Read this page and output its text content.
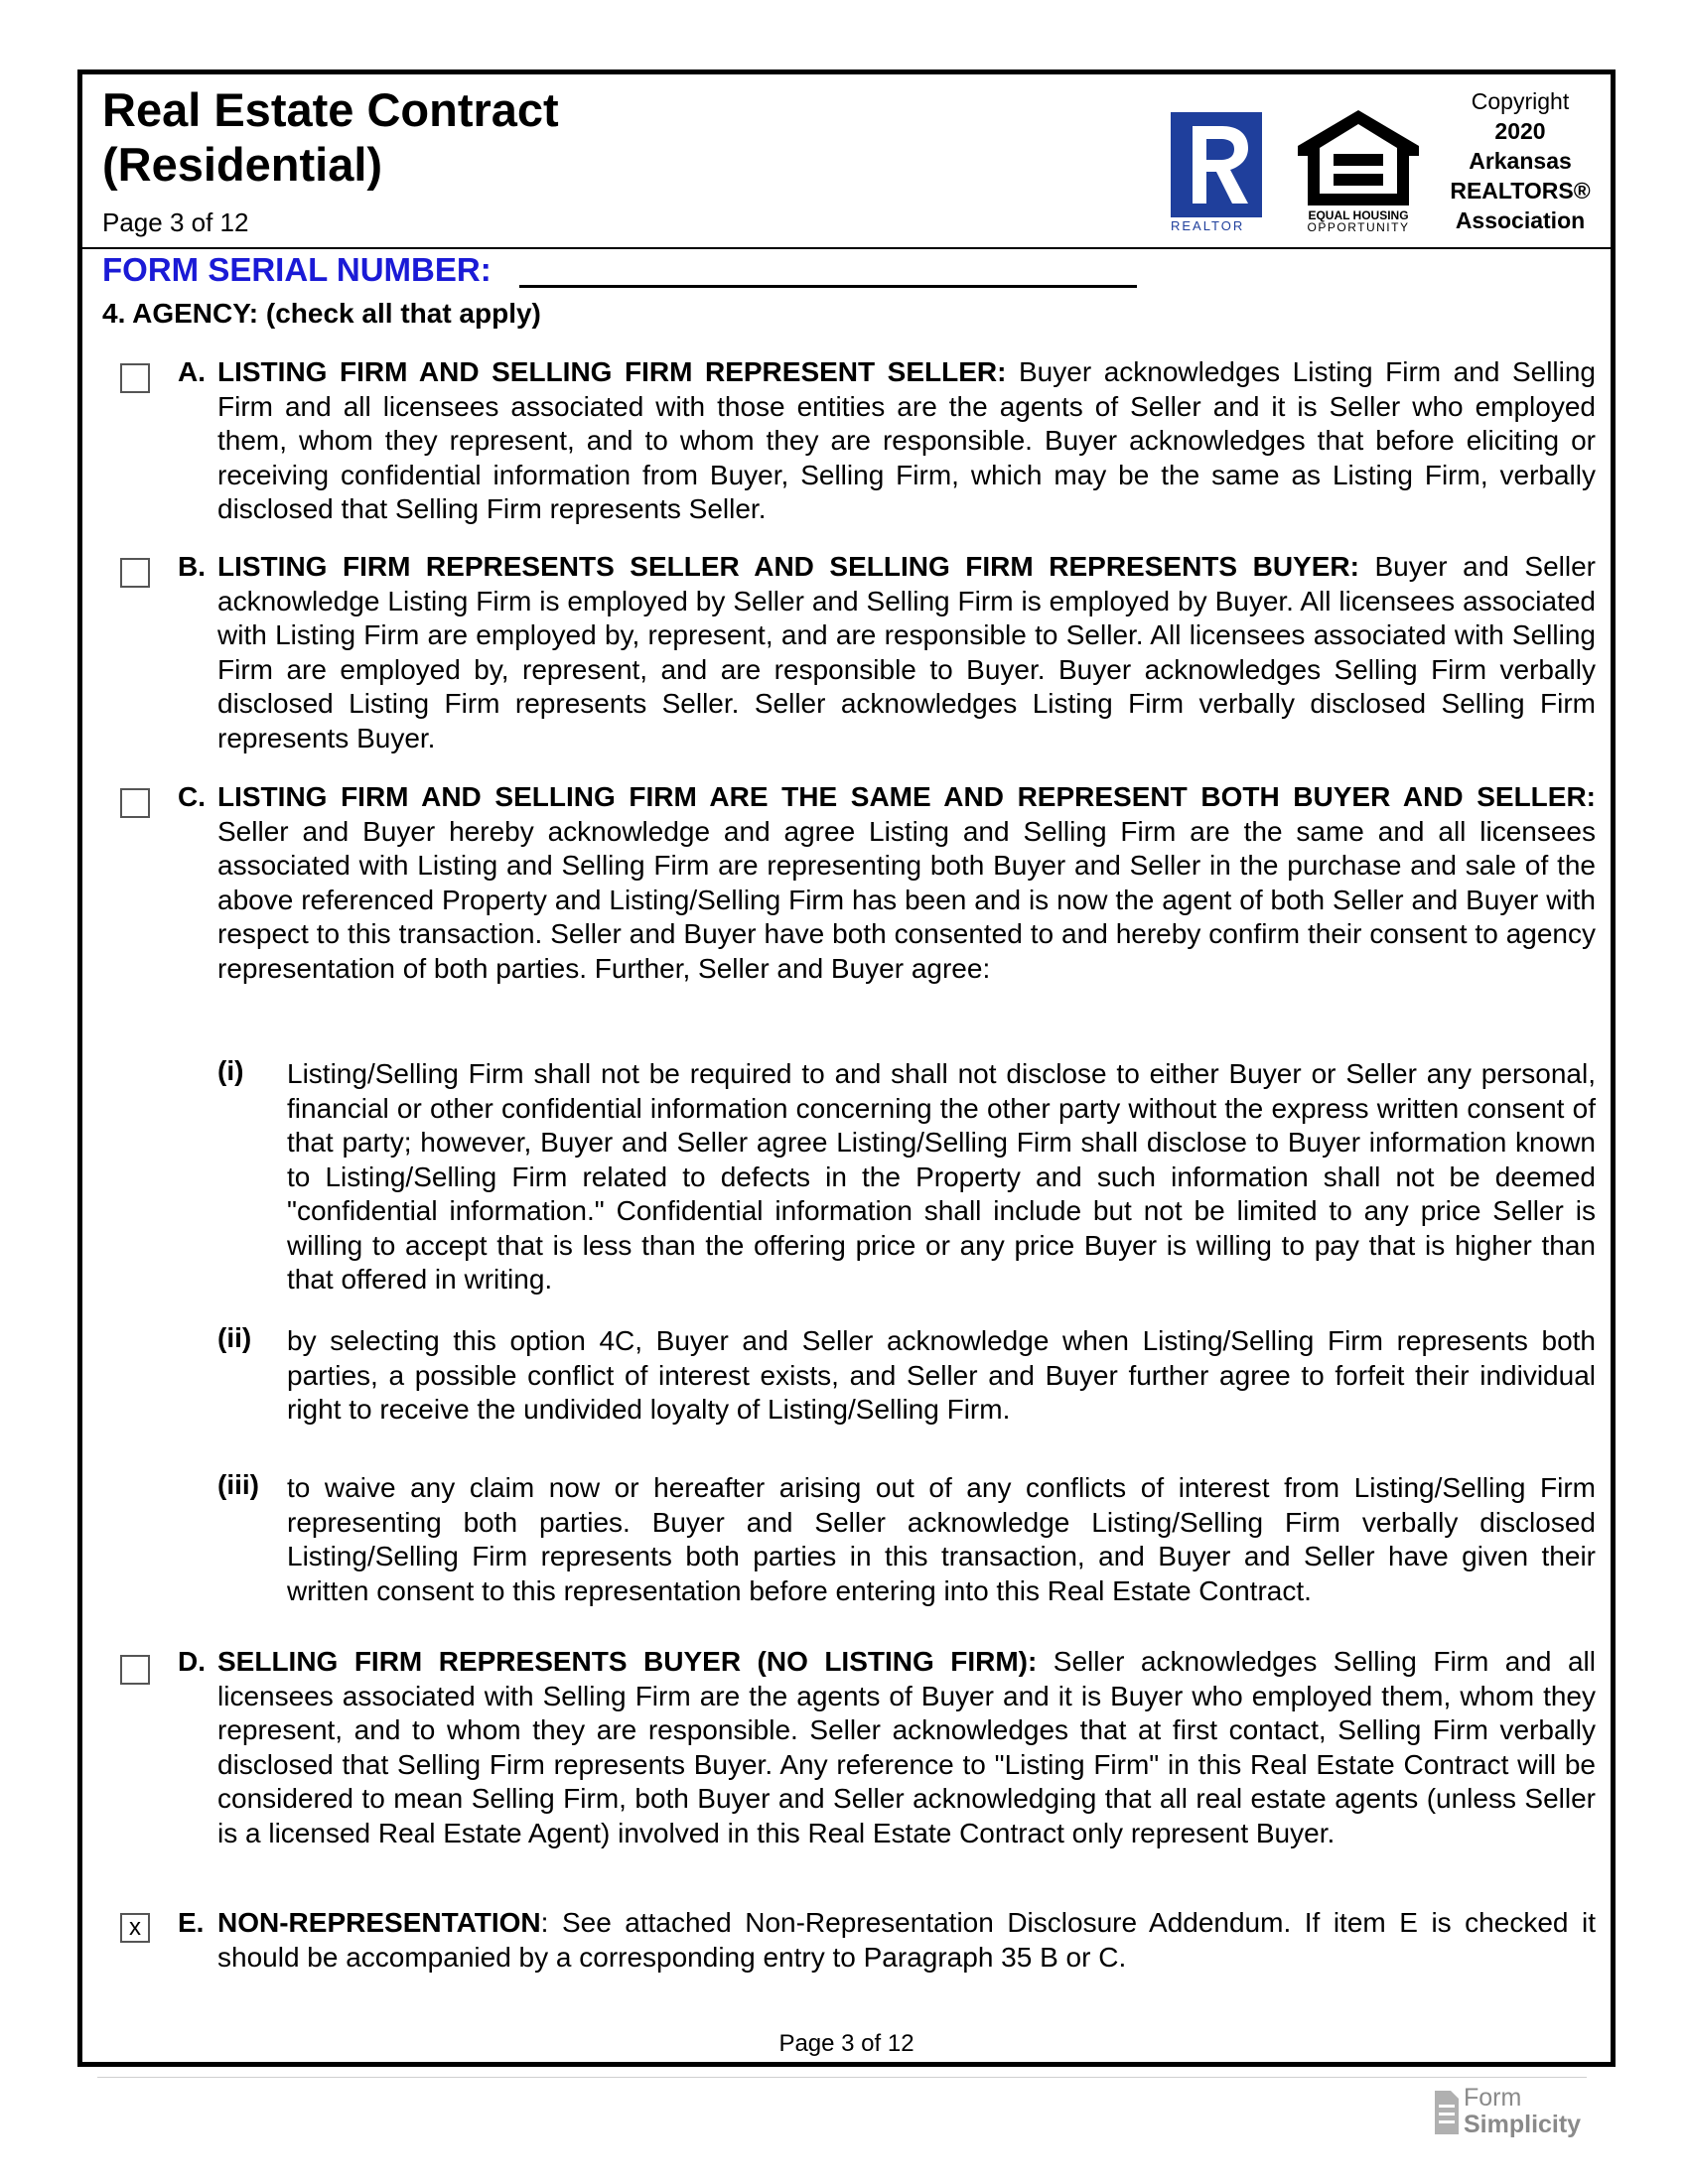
Real Estate Contract
(Residential)
Page 3 of 12	REALTOR
EQUAL HOUSING
OPPORTUNITY
Copyright
2020
Arkansas
REALTORS®
Association
FORM SERIAL NUMBER:
4. AGENCY: (check all that apply)
A. LISTING FIRM AND SELLING FIRM REPRESENT SELLER: Buyer acknowledges Listing Firm and Selling Firm and all licensees associated with those entities are the agents of Seller and it is Seller who employed them, whom they represent, and to whom they are responsible. Buyer acknowledges that before eliciting or receiving confidential information from Buyer, Selling Firm, which may be the same as Listing Firm, verbally disclosed that Selling Firm represents Seller.
B. LISTING FIRM REPRESENTS SELLER AND SELLING FIRM REPRESENTS BUYER: Buyer and Seller acknowledge Listing Firm is employed by Seller and Selling Firm is employed by Buyer. All licensees associated with Listing Firm are employed by, represent, and are responsible to Seller. All licensees associated with Selling Firm are employed by, represent, and are responsible to Buyer. Buyer acknowledges Selling Firm verbally disclosed Listing Firm represents Seller. Seller acknowledges Listing Firm verbally disclosed Selling Firm represents Buyer.
C. LISTING FIRM AND SELLING FIRM ARE THE SAME AND REPRESENT BOTH BUYER AND SELLER: Seller and Buyer hereby acknowledge and agree Listing and Selling Firm are the same and all licensees associated with Listing and Selling Firm are representing both Buyer and Seller in the purchase and sale of the above referenced Property and Listing/Selling Firm has been and is now the agent of both Seller and Buyer with respect to this transaction. Seller and Buyer have both consented to and hereby confirm their consent to agency representation of both parties. Further, Seller and Buyer agree:
(i) Listing/Selling Firm shall not be required to and shall not disclose to either Buyer or Seller any personal, financial or other confidential information concerning the other party without the express written consent of that party; however, Buyer and Seller agree Listing/Selling Firm shall disclose to Buyer information known to Listing/Selling Firm related to defects in the Property and such information shall not be deemed "confidential information." Confidential information shall include but not be limited to any price Seller is willing to accept that is less than the offering price or any price Buyer is willing to pay that is higher than that offered in writing.
(ii) by selecting this option 4C, Buyer and Seller acknowledge when Listing/Selling Firm represents both parties, a possible conflict of interest exists, and Seller and Buyer further agree to forfeit their individual right to receive the undivided loyalty of Listing/Selling Firm.
(iii) to waive any claim now or hereafter arising out of any conflicts of interest from Listing/Selling Firm representing both parties. Buyer and Seller acknowledge Listing/Selling Firm verbally disclosed Listing/Selling Firm represents both parties in this transaction, and Buyer and Seller have given their written consent to this representation before entering into this Real Estate Contract.
D. SELLING FIRM REPRESENTS BUYER (NO LISTING FIRM): Seller acknowledges Selling Firm and all licensees associated with Selling Firm are the agents of Buyer and it is Buyer who employed them, whom they represent, and to whom they are responsible. Seller acknowledges that at first contact, Selling Firm verbally disclosed that Selling Firm represents Buyer. Any reference to "Listing Firm" in this Real Estate Contract will be considered to mean Selling Firm, both Buyer and Seller acknowledging that all real estate agents (unless Seller is a licensed Real Estate Agent) involved in this Real Estate Contract only represent Buyer.
x	E. NON-REPRESENTATION: See attached Non-Representation Disclosure Addendum. If item E is checked it should be accompanied by a corresponding entry to Paragraph 35 B or C.
Page 3 of 12
Form
Simplicity
